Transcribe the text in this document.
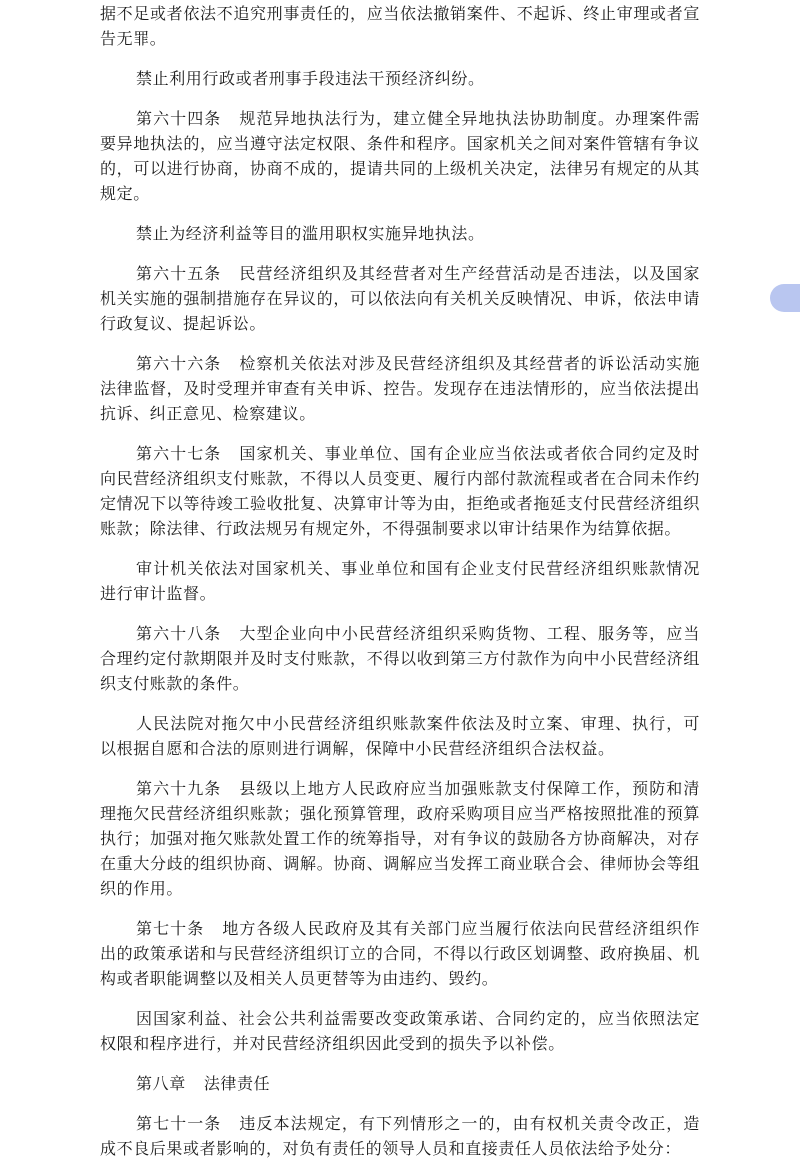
据不足或者依法不追究刑事责任的，应当依法撤销案件、不起诉、终止审理或者宣告无罪。

禁止利用行政或者刑事手段违法干预经济纠纷。

第六十四条 规范异地执法行为，建立健全异地执法协助制度。办理案件需要异地执法的，应当遵守法定权限、条件和程序。国家机关之间对案件管辖有争议的，可以进行协商，协商不成的，提请共同的上级机关决定，法律另有规定的从其规定。

禁止为经济利益等目的滥用职权实施异地执法。

第六十五条 民营经济组织及其经营者对生产经营活动是否违法，以及国家机关实施的强制措施存在异议的，可以依法向有关机关反映情况、申诉，依法申请行政复议、提起诉讼。

第六十六条 检察机关依法对涉及民营经济组织及其经营者的诉讼活动实施法律监督，及时受理并审查有关申诉、控告。发现存在违法情形的，应当依法提出抗诉、纠正意见、检察建议。

第六十七条 国家机关、事业单位、国有企业应当依法或者依合同约定及时向民营经济组织支付账款，不得以人员变更、履行内部付款流程或者在合同未作约定情况下以等待竣工验收批复、决算审计等为由，拒绝或者拖延支付民营经济组织账款；除法律、行政法规另有规定外，不得强制要求以审计结果作为结算依据。

审计机关依法对国家机关、事业单位和国有企业支付民营经济组织账款情况进行审计监督。

第六十八条 大型企业向中小民营经济组织采购货物、工程、服务等，应当合理约定付款期限并及时支付账款，不得以收到第三方付款作为向中小民营经济组织支付账款的条件。

人民法院对拖欠中小民营经济组织账款案件依法及时立案、审理、执行，可以根据自愿和合法的原则进行调解，保障中小民营经济组织合法权益。

第六十九条 县级以上地方人民政府应当加强账款支付保障工作，预防和清理拖欠民营经济组织账款；强化预算管理，政府采购项目应当严格按照批准的预算执行；加强对拖欠账款处置工作的统筹指导，对有争议的鼓励各方协商解决，对存在重大分歧的组织协商、调解。协商、调解应当发挥工商业联合会、律师协会等组织的作用。

第七十条 地方各级人民政府及其有关部门应当履行依法向民营经济组织作出的政策承诺和与民营经济组织订立的合同，不得以行政区划调整、政府换届、机构或者职能调整以及相关人员更替等为由违约、毁约。

因国家利益、社会公共利益需要改变政策承诺、合同约定的，应当依照法定权限和程序进行，并对民营经济组织因此受到的损失予以补偿。

第八章 法律责任

第七十一条 违反本法规定，有下列情形之一的，由有权机关责令改正，造成不良后果或者影响的，对负有责任的领导人员和直接责任人员依法给予处分：
